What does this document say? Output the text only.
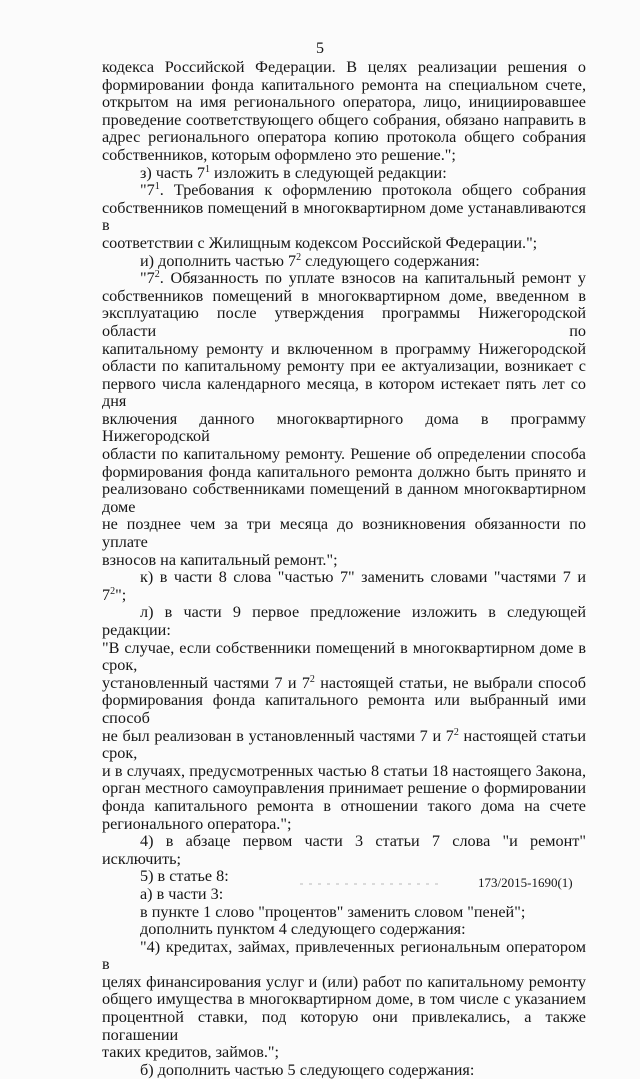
5
кодекса Российской Федерации. В целях реализации решения о
формировании фонда капитального ремонта на специальном счете,
открытом на имя регионального оператора, лицо, инициировавшее
проведение соответствующего общего собрания, обязано направить в
адрес регионального оператора копию протокола общего собрания
собственников, которым оформлено это решение.";
з) часть $7^1$ изложить в следующей редакции:
"$7^1$. Требования к оформлению протокола общего собрания
собственников помещений в многоквартирном доме устанавливаются в
соответствии с Жилищным кодексом Российской Федерации.";
и) дополнить частью $7^2$ следующего содержания:
"$7^2$. Обязанность по уплате взносов на капитальный ремонт у
собственников помещений в многоквартирном доме, введенном в
эксплуатацию после утверждения программы Нижегородской области по
капитальному ремонту и включенном в программу Нижегородской
области по капитальному ремонту при ее актуализации, возникает с
первого числа календарного месяца, в котором истекает пять лет со дня
включения данного многоквартирного дома в программу Нижегородской
области по капитальному ремонту. Решение об определении способа
формирования фонда капитального ремонта должно быть принято и
реализовано собственниками помещений в данном многоквартирном доме
не позднее чем за три месяца до возникновения обязанности по уплате
взносов на капитальный ремонт.";
к) в части 8 слова "частью 7" заменить словами "частями 7 и $7^2$";
л) в части 9 первое предложение изложить в следующей редакции:
"В случае, если собственники помещений в многоквартирном доме в срок,
установленный частями 7 и $7^2$ настоящей статьи, не выбрали способ
формирования фонда капитального ремонта или выбранный ими способ
не был реализован в установленный частями 7 и $7^2$ настоящей статьи срок,
и в случаях, предусмотренных частью 8 статьи 18 настоящего Закона,
орган местного самоуправления принимает решение о формировании
фонда капитального ремонта в отношении такого дома на счете
регионального оператора.";
4) в абзаце первом части 3 статьи 7 слова "и ремонт" исключить;
5) в статье 8:
а) в части 3:
в пункте 1 слово "процентов" заменить словом "пеней";
дополнить пунктом 4 следующего содержания:
"4) кредитах, займах, привлеченных региональным оператором в
целях финансирования услуг и (или) работ по капитальному ремонту
общего имущества в многоквартирном доме, в том числе с указанием
процентной ставки, под которую они привлекались, а также погашении
таких кредитов, займов.";
б) дополнить частью 5 следующего содержания:
173/2015-1690(1)
